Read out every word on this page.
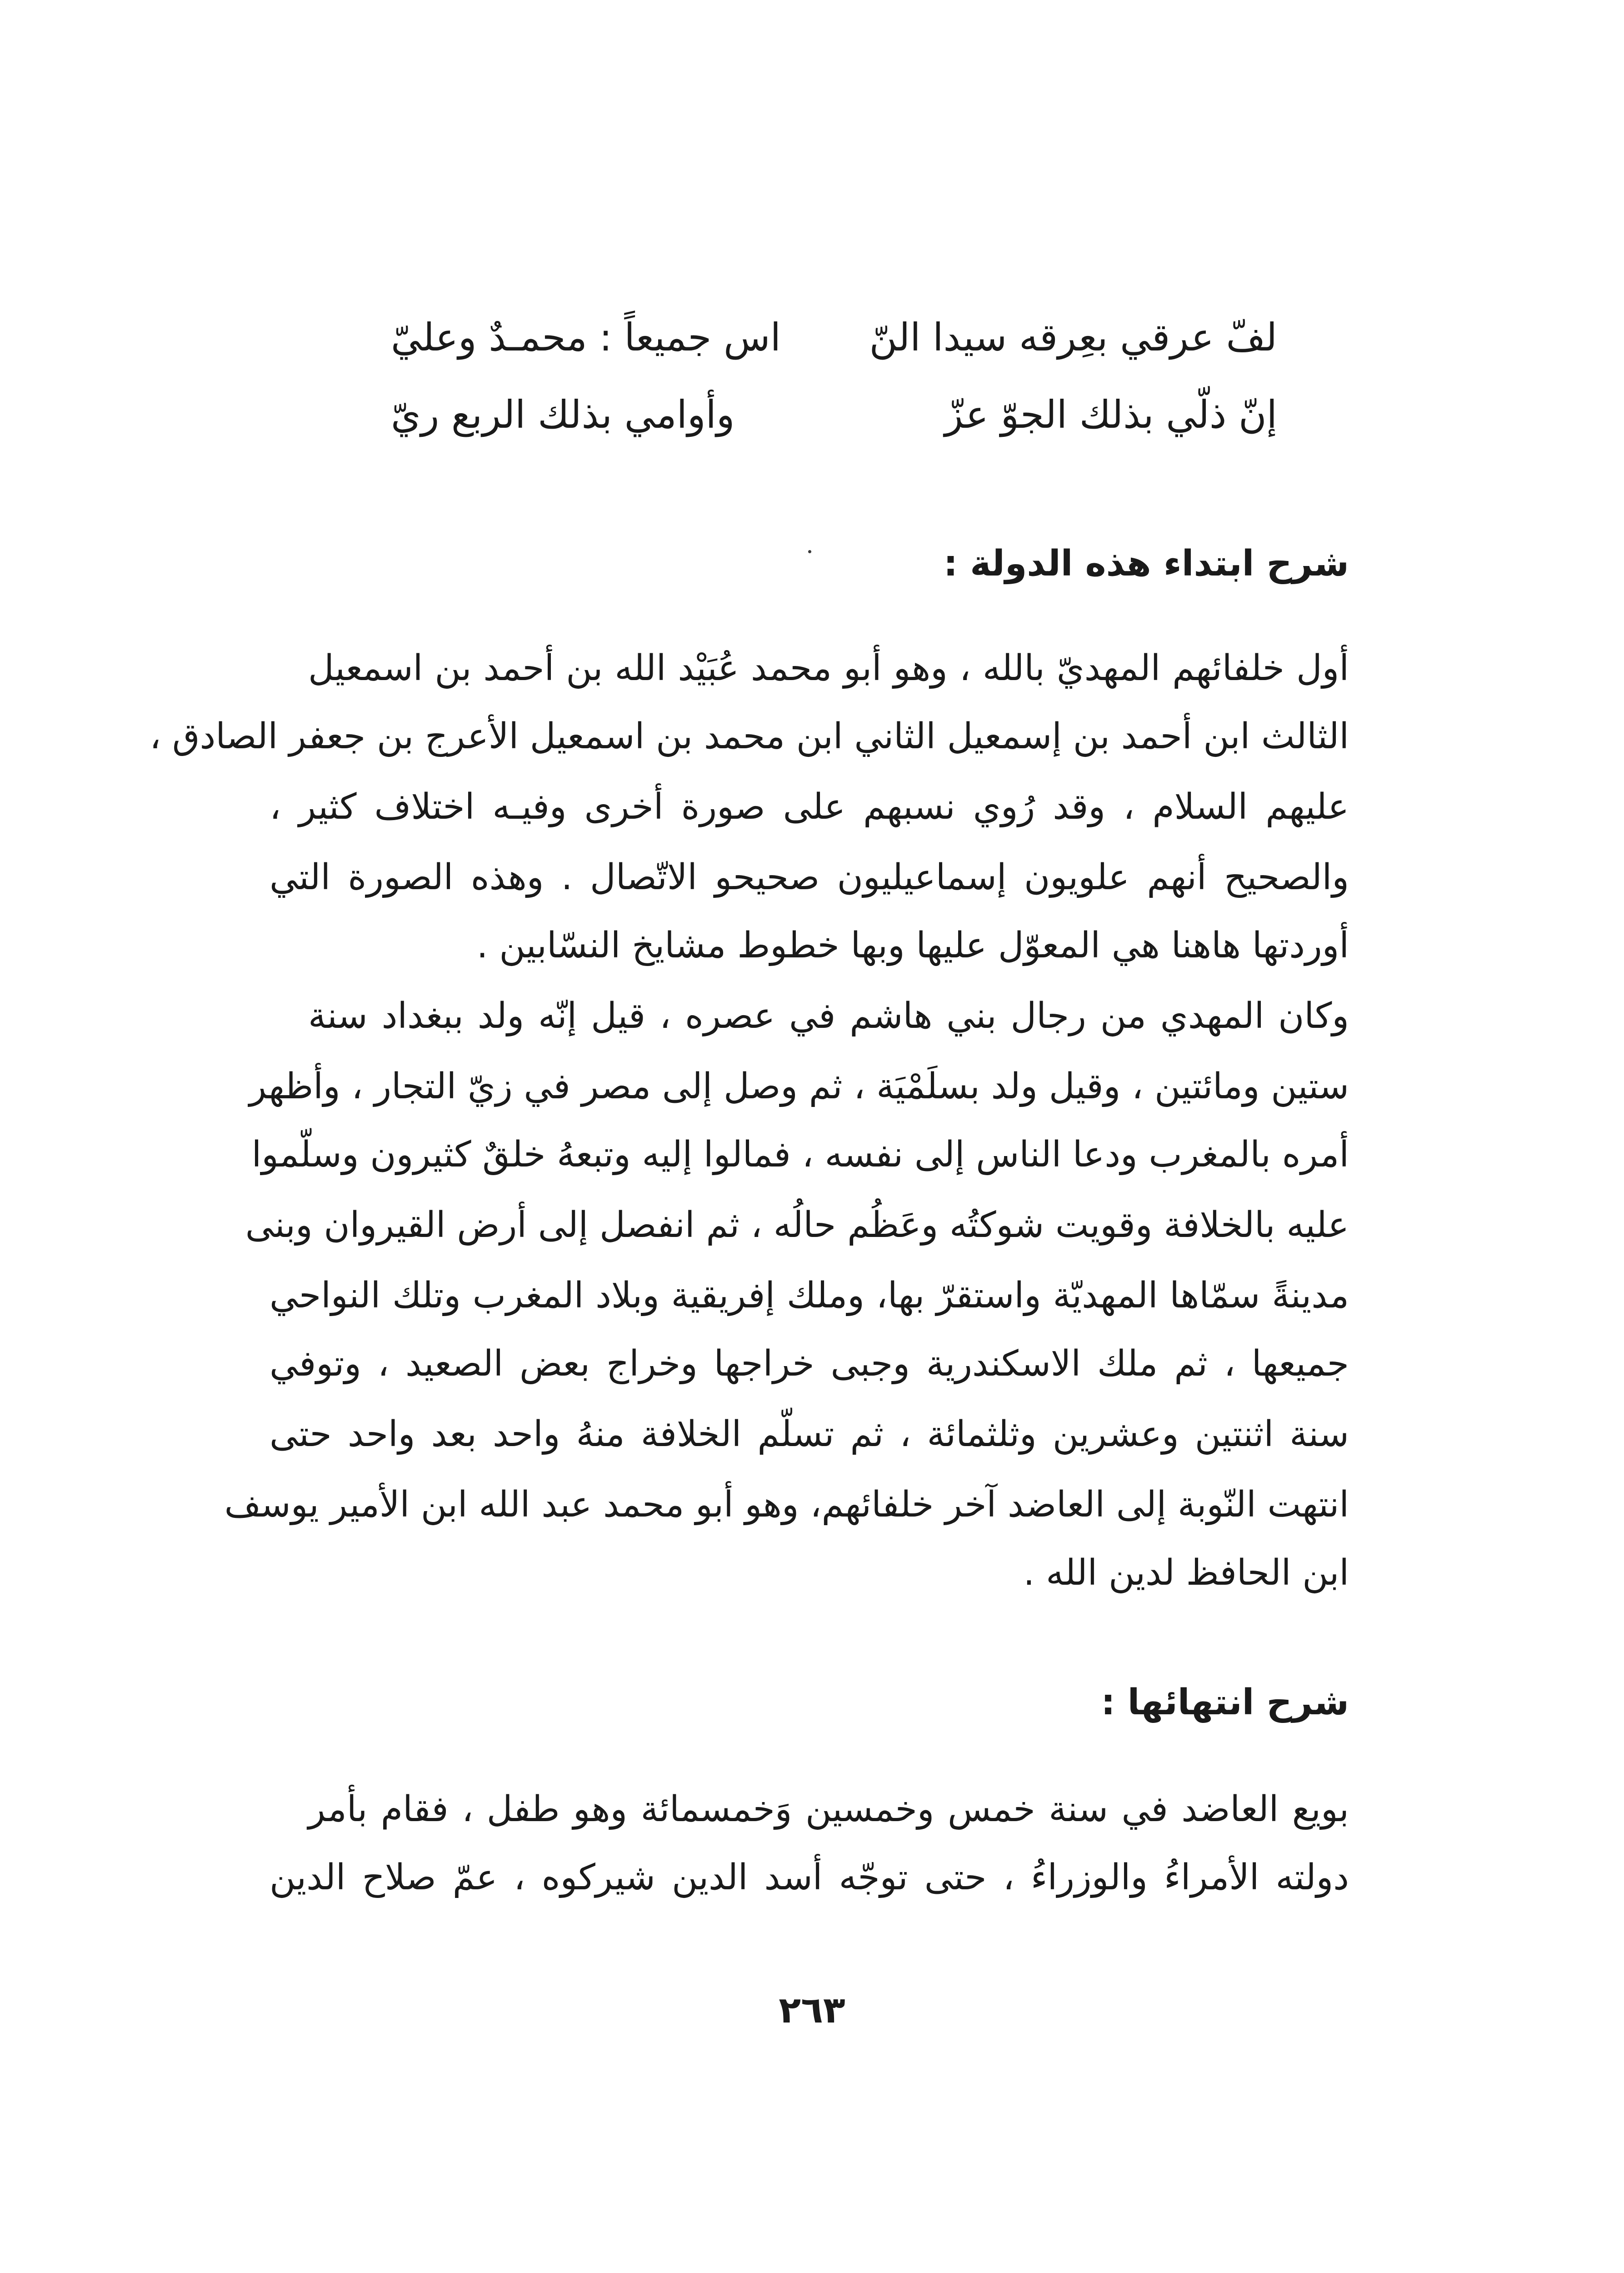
لفّ عرقي بعِرقه سيدا النّ
اس جميعاً : محمـدٌ وعليّ
إنّ ذلّي بذلك الجوّ عزّ
وأوامي بذلك الربع ريّ
شرح ابتداء هذه الدولة :
أول خلفائهم المهديّ بالله ، وهو أبو محمد عُبَيْد الله بن أحمد بن اسمعيل
الثالث ابن أحمد بن إسمعيل الثاني ابن محمد بن اسمعيل الأعرج بن جعفر الصادق ،
عليهم السلام ، وقد رُوي نسبهم على صورة أخرى وفيـه اختلاف كثير ،
والصحيح أنهم علويون إسماعيليون صحيحو الاتّصال . وهذه الصورة التي
أوردتها هاهنا هي المعوّل عليها وبها خطوط مشايخ النسّابين .
وكان المهدي من رجال بني هاشم في عصره ، قيل إنّه ولد ببغداد سنة
ستين ومائتين ، وقيل ولد بسلَمْيَة ، ثم وصل إلى مصر في زيّ التجار ، وأظهر
أمره بالمغرب ودعا الناس إلى نفسه ، فمالوا إليه وتبعهُ خلقٌ كثيرون وسلّموا
عليه بالخلافة وقويت شوكتُه وعَظُم حالُه ، ثم انفصل إلى أرض القيروان وبنى
مدينةً سمّاها المهديّة واستقرّ بها، وملك إفريقية وبلاد المغرب وتلك النواحي
جميعها ، ثم ملك الاسكندرية وجبى خراجها وخراج بعض الصعيد ، وتوفي
سنة اثنتين وعشرين وثلثمائة ، ثم تسلّم الخلافة منهُ واحد بعد واحد حتى
انتهت النّوبة إلى العاضد آخر خلفائهم، وهو أبو محمد عبد الله ابن الأمير يوسف
ابن الحافظ لدين الله .
شرح انتهائها :
بويع العاضد في سنة خمس وخمسين وَخمسمائة وهو طفل ، فقام بأمر
دولته الأمراءُ والوزراءُ ، حتى توجّه أسد الدين شيركوه ، عمّ صلاح الدين
٢٦٣
